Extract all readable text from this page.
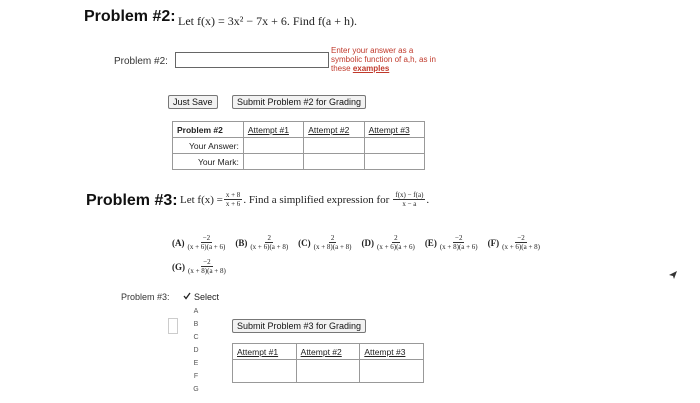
Problem #2: Let f(x) = 3x² − 7x + 6. Find f(a + h).
Problem #2:
Enter your answer as a
symbolic function of a,h, as in
these examples
Just Save	Submit Problem #2 for Grading
Problem #2	Attempt #1	Attempt #2	Attempt #3
Your Answer:			
Your Mark:			
Problem #3: Let $f(x) = \frac{x + 8}{x + 6}$ . Find a simplified expression for $\frac{f(x) - f(a)}{x - a}$ .
$(A) \frac{-2}{(x + 6)(a + 6)} (B) \frac{2}{(x + 6)(a + 8)} (C) \frac{2}{(x + 8)(a + 8)} (D) \frac{2}{(x + 6)(a + 6)} (E) \frac{-2}{(x + 8)(a + 6)} (F) \frac{-2}{(x + 6)(a + 8)}$
$(G) \frac{-2}{(x + 8)(a + 8)}$
Problem #3:	Select
A
B
C
D
E
F
G
Submit Problem #3 for Grading
Attempt #1	Attempt #2	Attempt #3
